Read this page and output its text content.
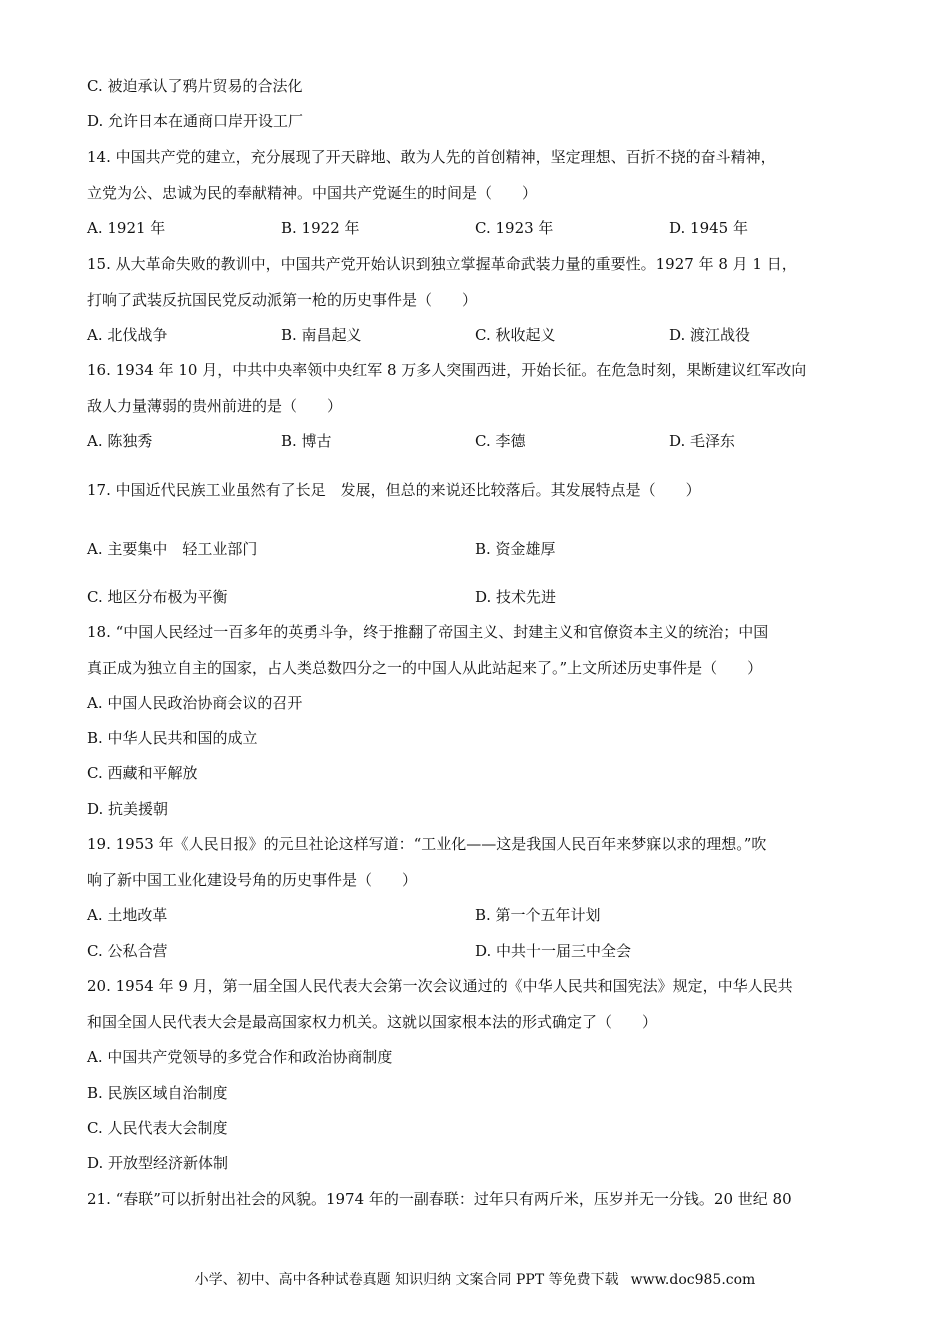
C. 被迫承认了鸦片贸易的合法化
D. 允许日本在通商口岸开设工厂
14. 中国共产党的建立，充分展现了开天辟地、敢为人先的首创精神，坚定理想、百折不挠的奋斗精神，
立党为公、忠诚为民的奉献精神。中国共产党诞生的时间是（　　）
A. 1921 年	B. 1922 年	C. 1923 年	D. 1945 年
15. 从大革命失败的教训中，中国共产党开始认识到独立掌握革命武装力量的重要性。1927 年 8 月 1 日，
打响了武装反抗国民党反动派第一枪的历史事件是（　　）
A. 北伐战争	B. 南昌起义	C. 秋收起义	D. 渡江战役
16. 1934 年 10 月，中共中央率领中央红军 8 万多人突围西进，开始长征。在危急时刻，果断建议红军改向
敌人力量薄弱的贵州前进的是（　　）
A. 陈独秀	B. 博古	C. 李德	D. 毛泽东
17. 中国近代民族工业虽然有了长足　发展，但总的来说还比较落后。其发展特点是（　　）
A. 主要集中　轻工业部门	B. 资金雄厚
C. 地区分布极为平衡	D. 技术先进
18. “中国人民经过一百多年的英勇斗争，终于推翻了帝国主义、封建主义和官僚资本主义的统治；中国
真正成为独立自主的国家，占人类总数四分之一的中国人从此站起来了。”上文所述历史事件是（　　）
A. 中国人民政治协商会议的召开
B. 中华人民共和国的成立
C. 西藏和平解放
D. 抗美援朝
19. 1953 年《人民日报》的元旦社论这样写道：“工业化——这是我国人民百年来梦寐以求的理想。”吹
响了新中国工业化建设号角的历史事件是（　　）
A. 土地改革	B. 第一个五年计划
C. 公私合营	D. 中共十一届三中全会
20. 1954 年 9 月，第一届全国人民代表大会第一次会议通过的《中华人民共和国宪法》规定，中华人民共
和国全国人民代表大会是最高国家权力机关。这就以国家根本法的形式确定了（　　）
A. 中国共产党领导的多党合作和政治协商制度
B. 民族区域自治制度
C. 人民代表大会制度
D. 开放型经济新体制
21. “春联”可以折射出社会的风貌。1974 年的一副春联：过年只有两斤米，压岁并无一分钱。20 世纪 80
小学、初中、高中各种试卷真题 知识归纳 文案合同 PPT 等免费下载 www.doc985.com
